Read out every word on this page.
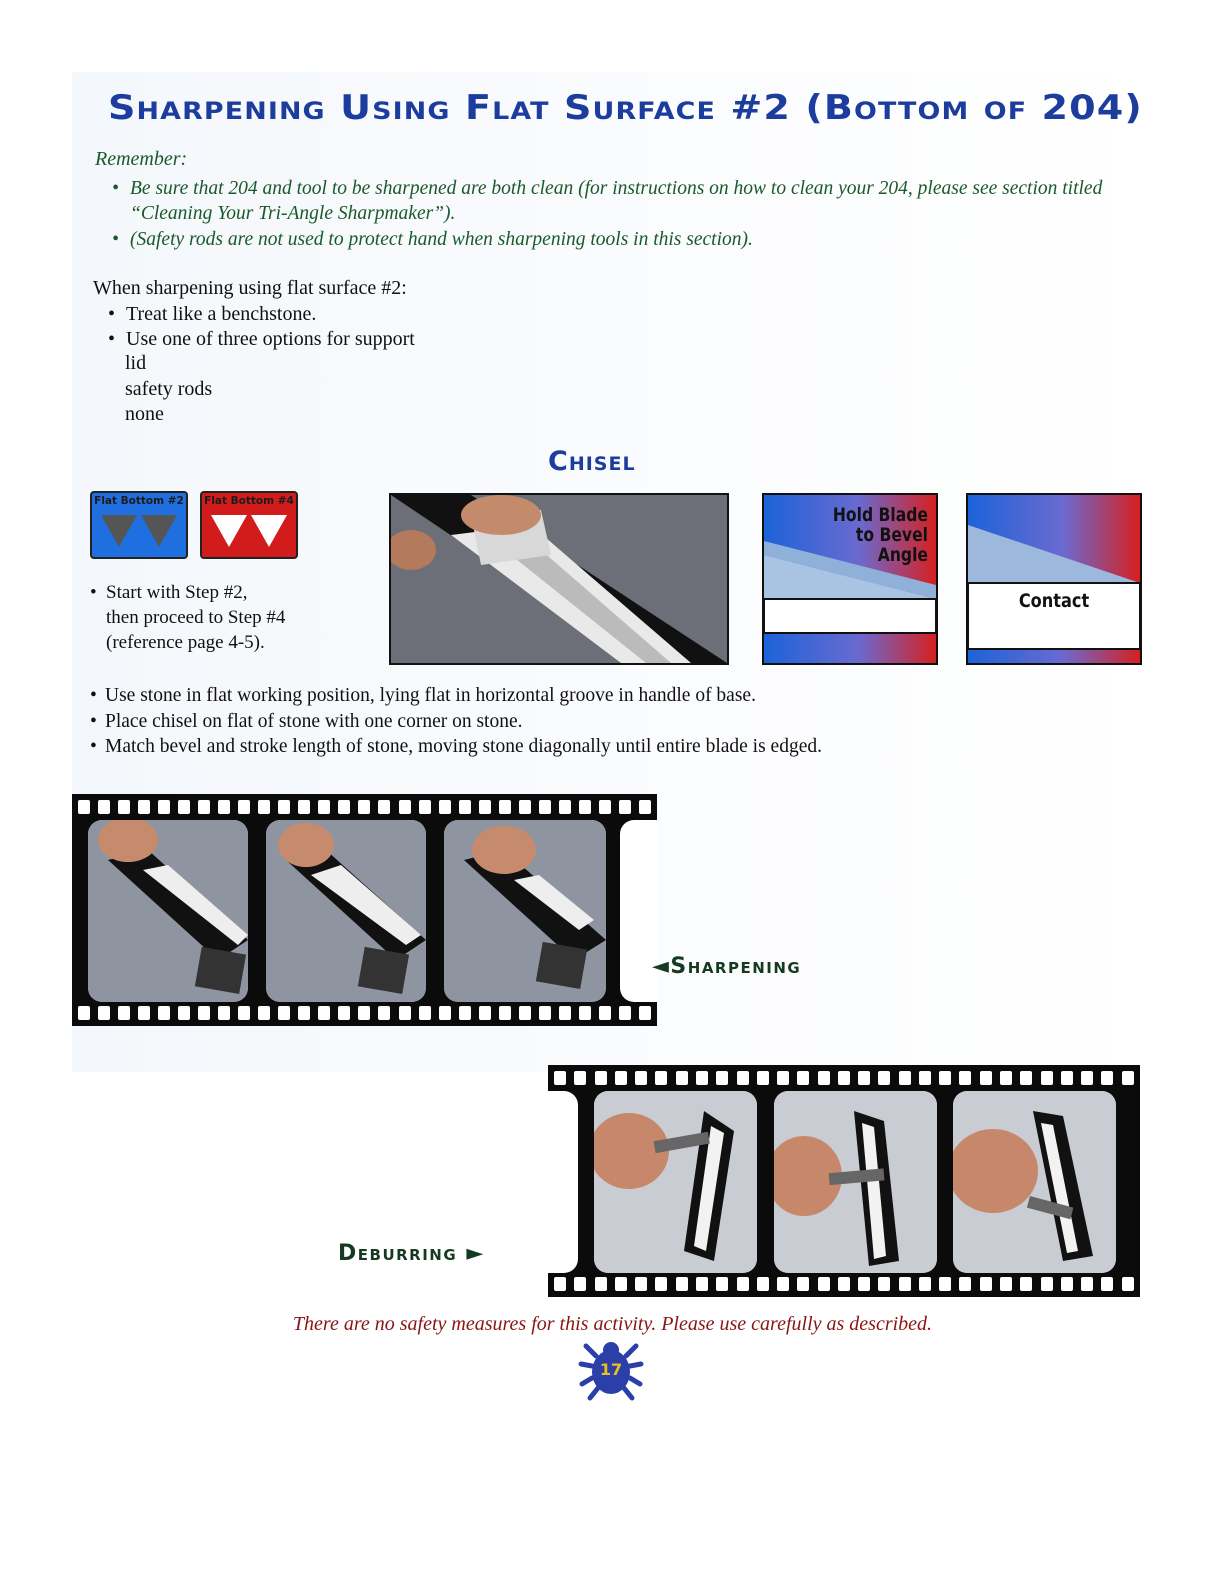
Sharpening Using Flat Surface #2 (Bottom of 204)
Remember:
• Be sure that 204 and tool to be sharpened are both clean (for instructions on how to clean your 204, please see section titled “Cleaning Your Tri-Angle Sharpmaker”).
• (Safety rods are not used to protect hand when sharpening tools in this section).
When sharpening using flat surface #2:
• Treat like a benchstone.
• Use one of three options for support
lid
safety rods
none
Chisel
Flat Bottom #2 Flat Bottom #4
• Start with Step #2,
then proceed to Step #4
(reference page 4-5).
Hold Blade
to Bevel
Angle
Contact
• Use stone in flat working position, lying flat in horizontal groove in handle of base.
• Place chisel on flat of stone with one corner on stone.
• Match bevel and stroke length of stone, moving stone diagonally until entire blade is edged.
◄Sharpening
Deburring ►
There are no safety measures for this activity. Please use carefully as described.
17
